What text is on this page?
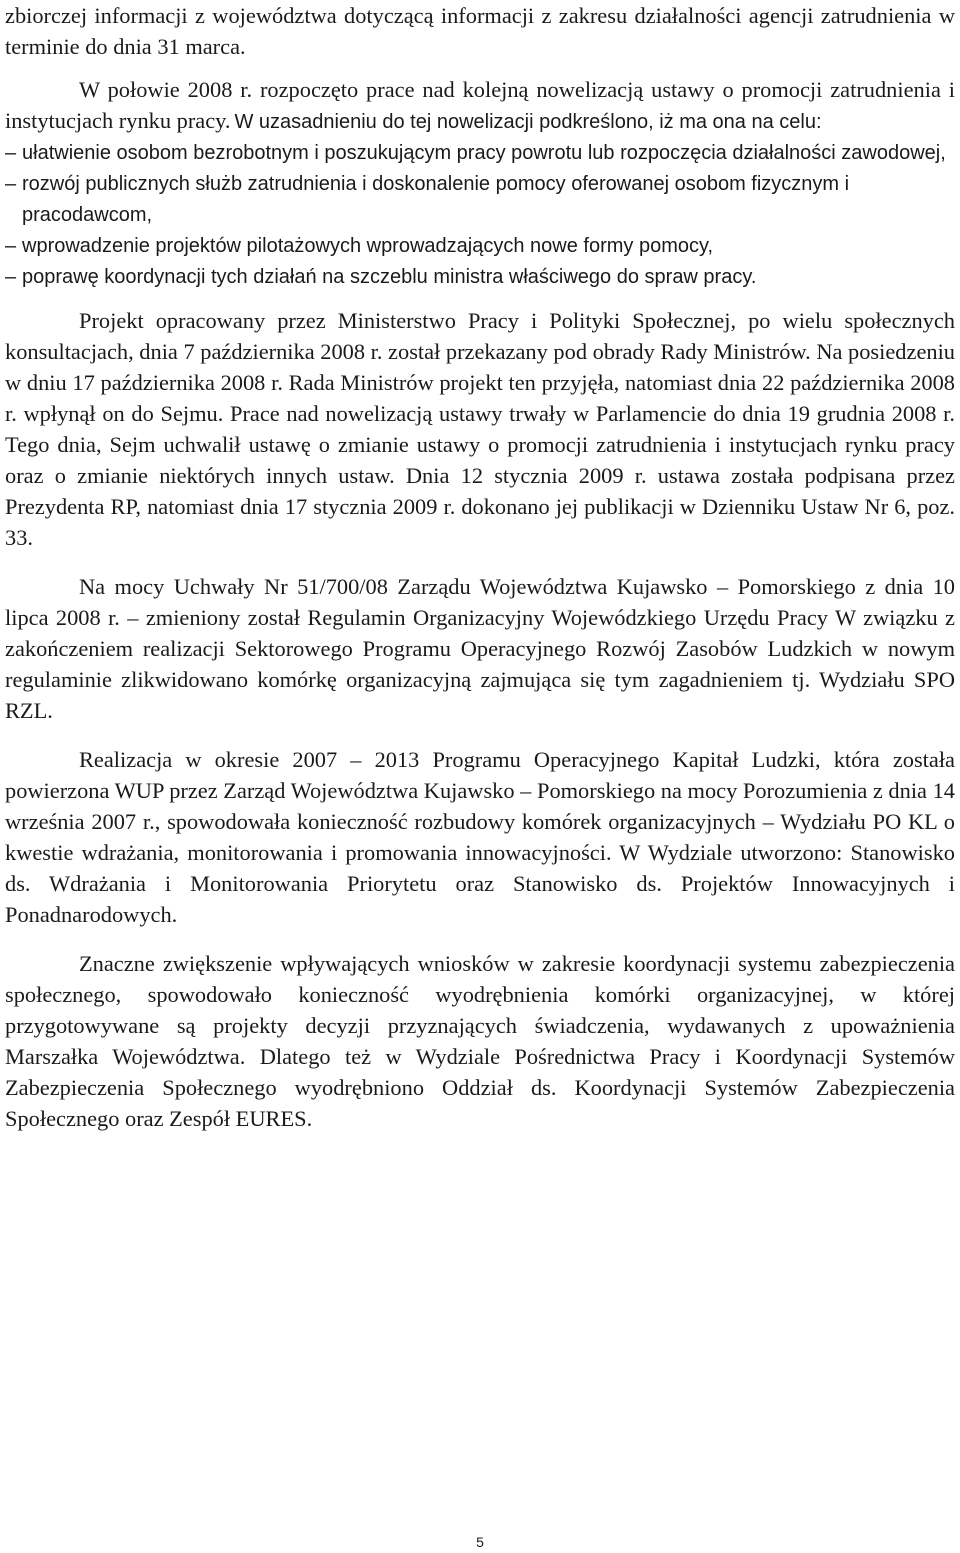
zbiorczej informacji z województwa dotyczącą informacji z zakresu działalności agencji zatrudnienia w terminie do dnia 31 marca.

W połowie 2008 r. rozpoczęto prace nad kolejną nowelizacją ustawy o promocji zatrudnienia i instytucjach rynku pracy. W uzasadnieniu do tej nowelizacji podkreślono, iż ma ona na celu:

– ułatwienie osobom bezrobotnym i poszukującym pracy powrotu lub rozpoczęcia działalności zawodowej,
– rozwój publicznych służb zatrudnienia i doskonalenie pomocy oferowanej osobom fizycznym i pracodawcom,
– wprowadzenie projektów pilotażowych wprowadzających nowe formy pomocy,
– poprawę koordynacji tych działań na szczeblu ministra właściwego do spraw pracy.

Projekt opracowany przez Ministerstwo Pracy i Polityki Społecznej, po wielu społecznych konsultacjach, dnia 7 października 2008 r. został przekazany pod obrady Rady Ministrów. Na posiedzeniu w dniu 17 października 2008 r. Rada Ministrów projekt ten przyjęła, natomiast dnia 22 października 2008 r. wpłynął on do Sejmu. Prace nad nowelizacją ustawy trwały w Parlamencie do dnia 19 grudnia 2008 r. Tego dnia, Sejm uchwalił ustawę o zmianie ustawy o promocji zatrudnienia i instytucjach rynku pracy oraz o zmianie niektórych innych ustaw. Dnia 12 stycznia 2009 r. ustawa została podpisana przez Prezydenta RP, natomiast dnia 17 stycznia 2009 r. dokonano jej publikacji w Dzienniku Ustaw Nr 6, poz. 33.

Na mocy Uchwały Nr 51/700/08 Zarządu Województwa Kujawsko – Pomorskiego z dnia 10 lipca 2008 r. – zmieniony został Regulamin Organizacyjny Wojewódzkiego Urzędu Pracy W związku z zakończeniem realizacji Sektorowego Programu Operacyjnego Rozwój Zasobów Ludzkich w nowym regulaminie zlikwidowano komórkę organizacyjną zajmująca się tym zagadnieniem tj. Wydziału SPO RZL.

Realizacja w okresie 2007 – 2013 Programu Operacyjnego Kapitał Ludzki, która została powierzona WUP przez Zarząd Województwa Kujawsko – Pomorskiego na mocy Porozumienia z dnia 14 września 2007 r., spowodowała konieczność rozbudowy komórek organizacyjnych – Wydziału PO KL o kwestie wdrażania, monitorowania i promowania innowacyjności. W Wydziale utworzono: Stanowisko ds. Wdrażania i Monitorowania Priorytetu oraz Stanowisko ds. Projektów Innowacyjnych i Ponadnarodowych.

Znaczne zwiększenie wpływających wniosków w zakresie koordynacji systemu zabezpieczenia społecznego, spowodowało konieczność wyodrębnienia komórki organizacyjnej, w której przygotowywane są projekty decyzji przyznających świadczenia, wydawanych z upoważnienia Marszałka Województwa. Dlatego też w Wydziale Pośrednictwa Pracy i Koordynacji Systemów Zabezpieczenia Społecznego wyodrębniono Oddział ds. Koordynacji Systemów Zabezpieczenia Społecznego oraz Zespół EURES.

5
